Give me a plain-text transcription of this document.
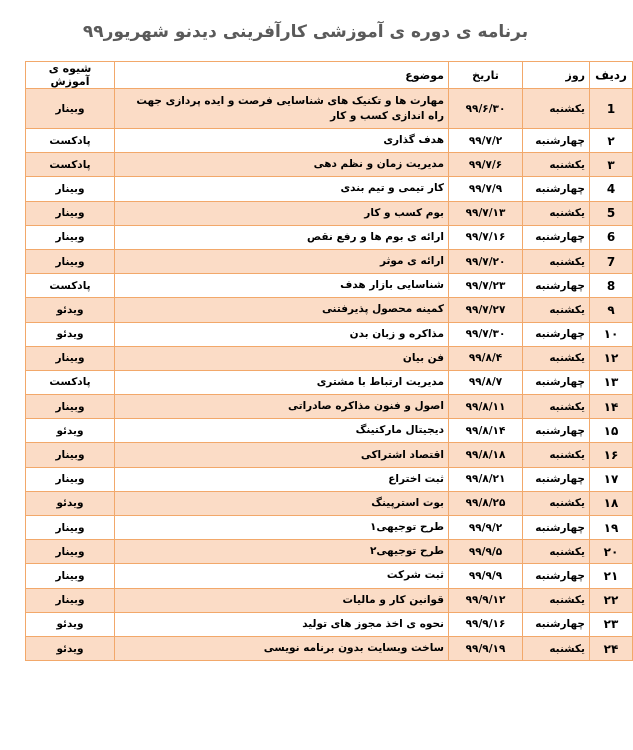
برنامه ی دوره ی آموزشی کارآفرینی دیدنو شهریور۹۹
ردیف	روز	تاریخ	موضوع	شیوه ی آموزش
1	یکشنبه	۹۹/۶/۳۰	مهارت ها و تکنیک های شناسایی فرصت و ایده پردازی جهت راه اندازی کسب و کار	وبینار
۲	چهارشنبه	۹۹/۷/۲	هدف گذاری	پادکست
۳	یکشنبه	۹۹/۷/۶	مدیریت زمان و نظم دهی	پادکست
4	چهارشنبه	۹۹/۷/۹	کار تیمی و تیم بندی	وبینار
5	یکشنبه	۹۹/۷/۱۳	بوم کسب و کار	وبینار
6	چهارشنبه	۹۹/۷/۱۶	ارائه ی بوم ها و رفع نقص	وبینار
7	یکشنبه	۹۹/۷/۲۰	ارائه ی موثر	وبینار
8	چهارشنبه	۹۹/۷/۲۳	شناسایی بازار هدف	پادکست
۹	یکشنبه	۹۹/۷/۲۷	کمینه محصول پذیرفتنی	ویدئو
۱۰	چهارشنبه	۹۹/۷/۳۰	مذاکره و زبان بدن	ویدئو
۱۲	یکشنبه	۹۹/۸/۴	فن بیان	وبینار
۱۳	چهارشنبه	۹۹/۸/۷	مدیریت ارتباط با مشتری	پادکست
۱۴	یکشنبه	۹۹/۸/۱۱	اصول و فنون مذاکره صادراتی	وبینار
۱۵	چهارشنبه	۹۹/۸/۱۴	دیجیتال مارکتینگ	ویدئو
۱۶	یکشنبه	۹۹/۸/۱۸	اقتصاد اشتراکی	وبینار
۱۷	چهارشنبه	۹۹/۸/۲۱	ثبت اختراع	وبینار
۱۸	یکشنبه	۹۹/۸/۲۵	بوت استرپینگ	ویدئو
۱۹	چهارشنبه	۹۹/۹/۲	طرح توجیهی۱	وبینار
۲۰	یکشنبه	۹۹/۹/۵	طرح توجیهی۲	وبینار
۲۱	چهارشنبه	۹۹/۹/۹	ثبت شرکت	وبینار
۲۲	یکشنبه	۹۹/۹/۱۲	قوانین کار و مالیات	وبینار
۲۳	چهارشنبه	۹۹/۹/۱۶	نحوه ی اخذ مجوز های تولید	ویدئو
۲۴	یکشنبه	۹۹/۹/۱۹	ساخت وبسایت بدون برنامه نویسی	ویدئو
